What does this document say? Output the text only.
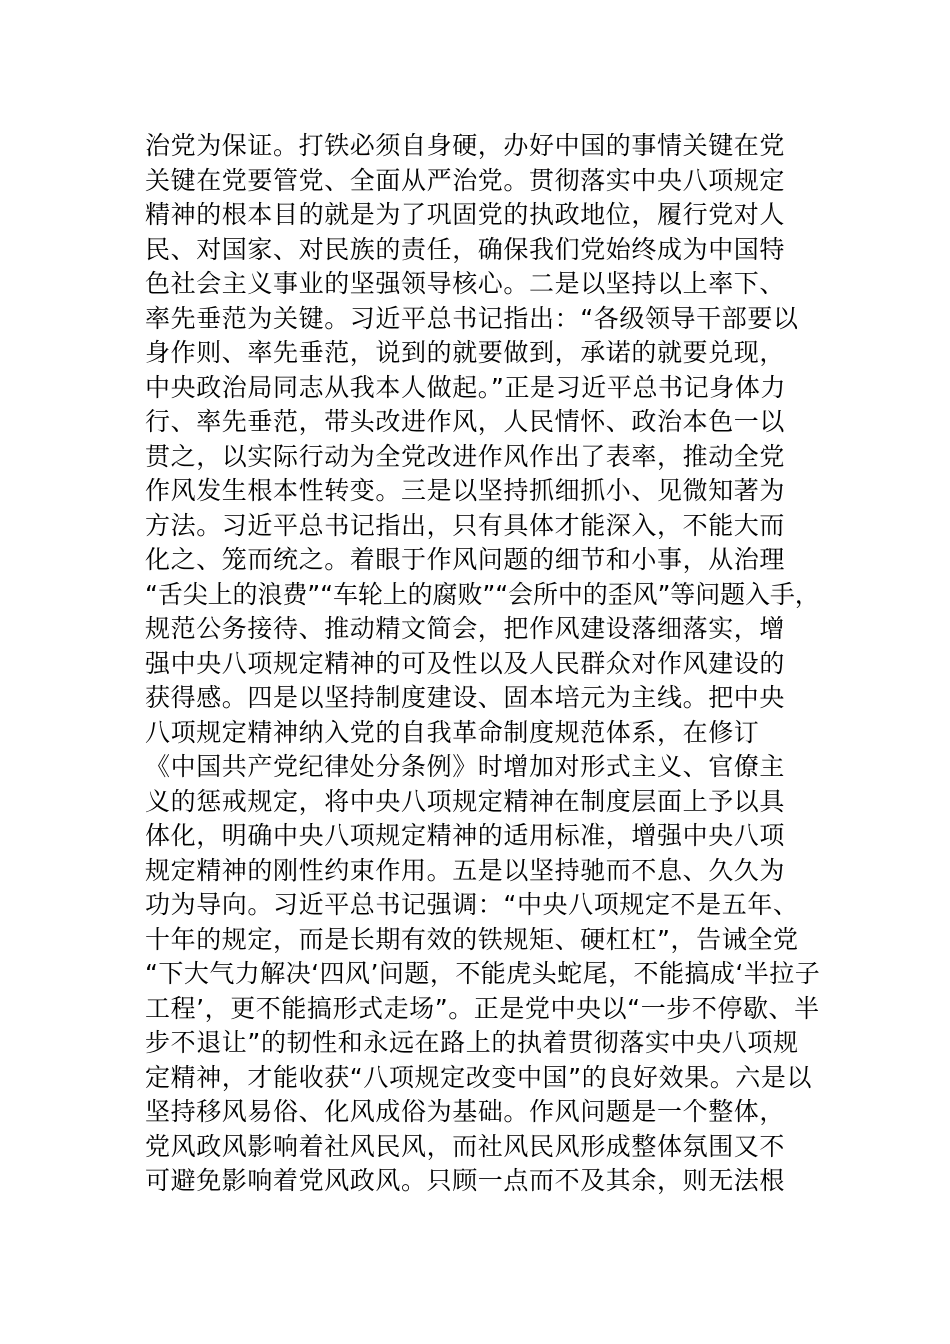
治党为保证。打铁必须自身硬，办好中国的事情关键在党
关键在党要管党、全面从严治党。贯彻落实中央八项规定
精神的根本目的就是为了巩固党的执政地位，履行党对人
民、对国家、对民族的责任，确保我们党始终成为中国特
色社会主义事业的坚强领导核心。二是以坚持以上率下、
率先垂范为关键。习近平总书记指出：“各级领导干部要以
身作则、率先垂范，说到的就要做到，承诺的就要兑现，
中央政治局同志从我本人做起。”正是习近平总书记身体力
行、率先垂范，带头改进作风，人民情怀、政治本色一以
贯之，以实际行动为全党改进作风作出了表率，推动全党
作风发生根本性转变。三是以坚持抓细抓小、见微知著为
方法。习近平总书记指出，只有具体才能深入，不能大而
化之、笼而统之。着眼于作风问题的细节和小事，从治理
“舌尖上的浪费”“车轮上的腐败”“会所中的歪风”等问题入手，
规范公务接待、推动精文简会，把作风建设落细落实，增
强中央八项规定精神的可及性以及人民群众对作风建设的
获得感。四是以坚持制度建设、固本培元为主线。把中央
八项规定精神纳入党的自我革命制度规范体系，在修订
《中国共产党纪律处分条例》时增加对形式主义、官僚主
义的惩戒规定，将中央八项规定精神在制度层面上予以具
体化，明确中央八项规定精神的适用标准，增强中央八项
规定精神的刚性约束作用。五是以坚持驰而不息、久久为
功为导向。习近平总书记强调：“中央八项规定不是五年、
十年的规定，而是长期有效的铁规矩、硬杠杠”，告诫全党
“下大气力解决‘四风’问题，不能虎头蛇尾，不能搞成‘半拉子
工程’，更不能搞形式走场”。正是党中央以“一步不停歇、半
步不退让”的韧性和永远在路上的执着贯彻落实中央八项规
定精神，才能收获“八项规定改变中国”的良好效果。六是以
坚持移风易俗、化风成俗为基础。作风问题是一个整体，
党风政风影响着社风民风，而社风民风形成整体氛围又不
可避免影响着党风政风。只顾一点而不及其余，则无法根
